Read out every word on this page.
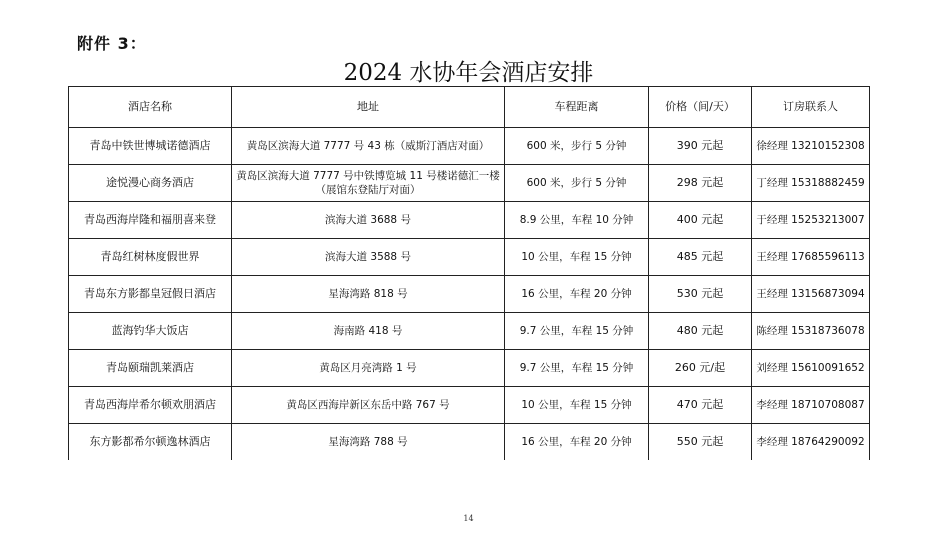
附件 3：
2024 水协年会酒店安排
酒店名称	地址	车程距离	价格（间/天）	订房联系人
青岛中铁世博城诺德酒店	黄岛区滨海大道 7777 号 43 栋（威斯汀酒店对面）	600 米，步行 5 分钟	390 元起	徐经理 13210152308
途悦漫心商务酒店	黄岛区滨海大道 7777 号中铁博览城 11 号楼诺德汇一楼（展馆东登陆厅对面）	600 米，步行 5 分钟	298 元起	丁经理 15318882459
青岛西海岸隆和福朋喜来登	滨海大道 3688 号	8.9 公里，车程 10 分钟	400 元起	于经理 15253213007
青岛红树林度假世界	滨海大道 3588 号	10 公里，车程 15 分钟	485 元起	王经理 17685596113
青岛东方影都皇冠假日酒店	星海湾路 818 号	16 公里，车程 20 分钟	530 元起	王经理 13156873094
蓝海钓华大饭店	海南路 418 号	9.7 公里，车程 15 分钟	480 元起	陈经理 15318736078
青岛颐瑞凯莱酒店	黄岛区月亮湾路 1 号	9.7 公里，车程 15 分钟	260 元/起	刘经理 15610091652
青岛西海岸希尔顿欢朋酒店	黄岛区西海岸新区东岳中路 767 号	10 公里，车程 15 分钟	470 元起	李经理 18710708087
东方影都希尔顿逸林酒店	星海湾路 788 号	16 公里，车程 20 分钟	550 元起	李经理 18764290092
14
